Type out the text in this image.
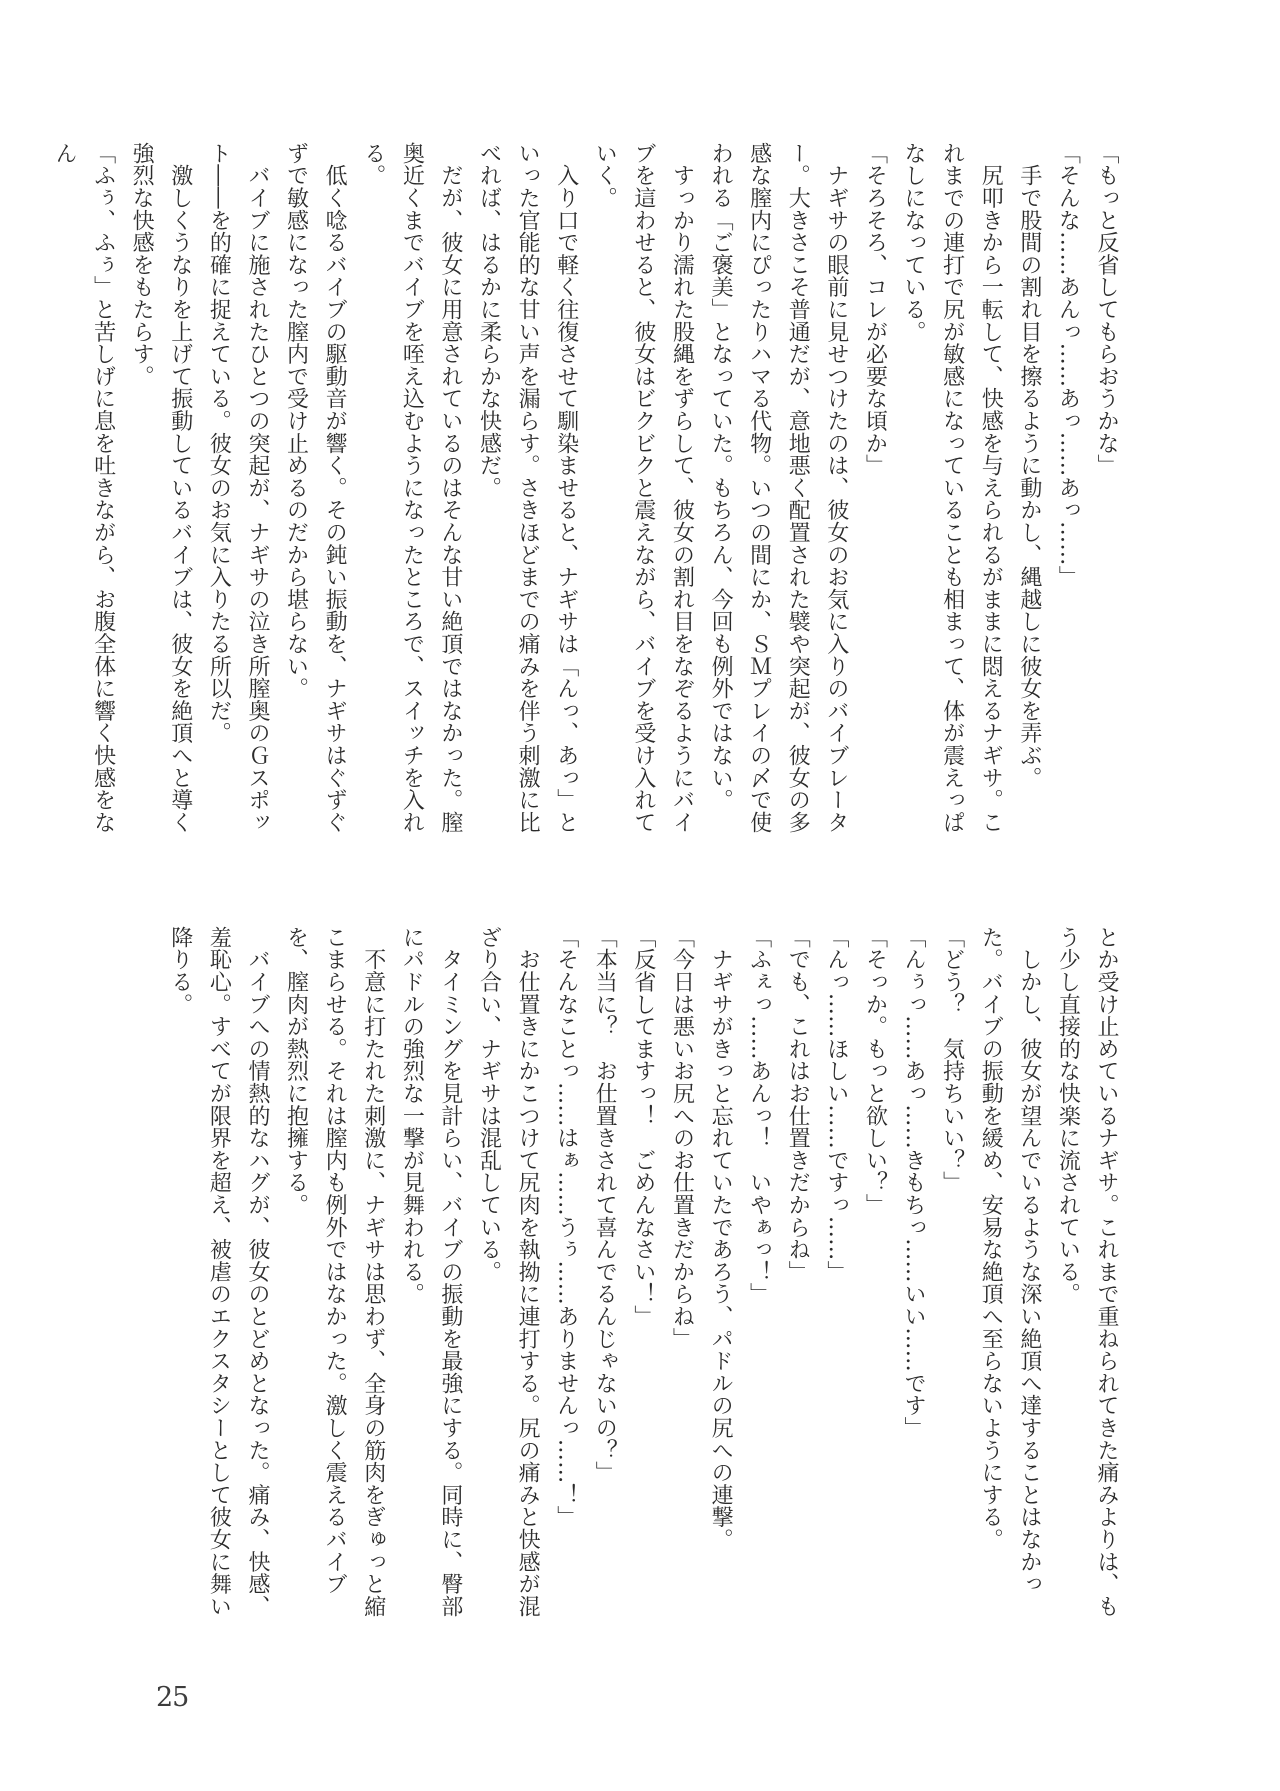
「もっと反省してもらおうかな」

「そんな……あんっ……あっ……あっ……」

　手で股間の割れ目を擦るように動かし、縄越しに彼女を弄ぶ。

　尻叩きから一転して、快感を与えられるがままに悶えるナギサ。これまでの連打で尻が敏感になっていることも相まって、体が震えっぱなしになっている。

「そろそろ、コレが必要な頃か」

　ナギサの眼前に見せつけたのは、彼女のお気に入りのバイブレーター。大きさこそ普通だが、意地悪く配置された襞や突起が、彼女の多感な膣内にぴったりハマる代物。いつの間にか、ＳＭプレイの〆で使われる「ご褒美」となっていた。もちろん、今回も例外ではない。

　すっかり濡れた股縄をずらして、彼女の割れ目をなぞるようにバイブを這わせると、彼女はビクビクと震えながら、バイブを受け入れていく。

　入り口で軽く往復させて馴染ませると、ナギサは「んっ、あっ」といった官能的な甘い声を漏らす。さきほどまでの痛みを伴う刺激に比べれば、はるかに柔らかな快感だ。

　だが、彼女に用意されているのはそんな甘い絶頂ではなかった。膣奥近くまでバイブを咥え込むようになったところで、スイッチを入れる。

　低く唸るバイブの駆動音が響く。その鈍い振動を、ナギサはぐずぐずで敏感になった膣内で受け止めるのだから堪らない。

　バイブに施されたひとつの突起が、ナギサの泣き所膣奥のＧスポット――を的確に捉えている。彼女のお気に入りたる所以だ。

　激しくうなりを上げて振動しているバイブは、彼女を絶頂へと導く強烈な快感をもたらす。

「ふぅ、ふぅ」と苦しげに息を吐きながら、お腹全体に響く快感をなん

とか受け止めているナギサ。これまで重ねられてきた痛みよりは、もう少し直接的な快楽に流されている。

　しかし、彼女が望んでいるような深い絶頂へ達することはなかった。バイブの振動を緩め、安易な絶頂へ至らないようにする。

「どう？　気持ちいい？」

「んぅっ……あっ……きもちっ……いい……です」

「そっか。もっと欲しい？」

「んっ……ほしい……ですっ……」

「でも、これはお仕置きだからね」

「ふぇっ……あんっ！　いやぁっ！」

　ナギサがきっと忘れていたであろう、パドルの尻への連撃。

「今日は悪いお尻へのお仕置きだからね」

「反省してますっ！　ごめんなさい！」

「本当に？　お仕置きされて喜んでるんじゃないの？」

「そんなことっ……はぁ……うぅ……ありませんっ……！」

　お仕置きにかこつけて尻肉を執拗に連打する。尻の痛みと快感が混ざり合い、ナギサは混乱している。

　タイミングを見計らい、バイブの振動を最強にする。同時に、臀部にパドルの強烈な一撃が見舞われる。

　不意に打たれた刺激に、ナギサは思わず、全身の筋肉をぎゅっと縮こまらせる。それは膣内も例外ではなかった。激しく震えるバイブを、膣肉が熱烈に抱擁する。

　バイブへの情熱的なハグが、彼女のとどめとなった。痛み、快感、羞恥心。すべてが限界を超え、被虐のエクスタシーとして彼女に舞い降りる。

25
